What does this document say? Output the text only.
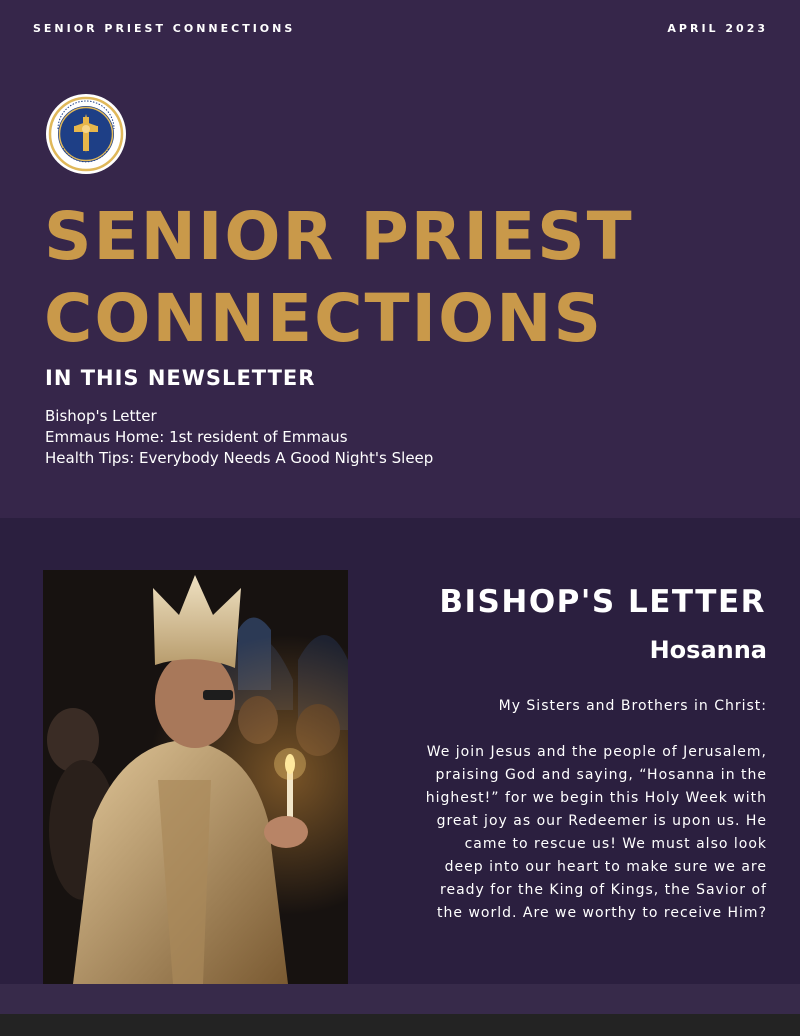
SENIOR PRIEST CONNECTIONS	APRIL 2023
SENIOR PRIEST CONNECTIONS
IN THIS NEWSLETTER
Bishop's Letter
Emmaus Home: 1st resident of Emmaus
Health Tips: Everybody Needs A Good Night's Sleep
BISHOP'S LETTER
Hosanna

My Sisters and Brothers in Christ:

We join Jesus and the people of Jerusalem, praising God and saying, “Hosanna in the highest!” for we begin this Holy Week with great joy as our Redeemer is upon us. He came to rescue us! We must also look deep into our heart to make sure we are ready for the King of Kings, the Savior of the world. Are we worthy to receive Him?
